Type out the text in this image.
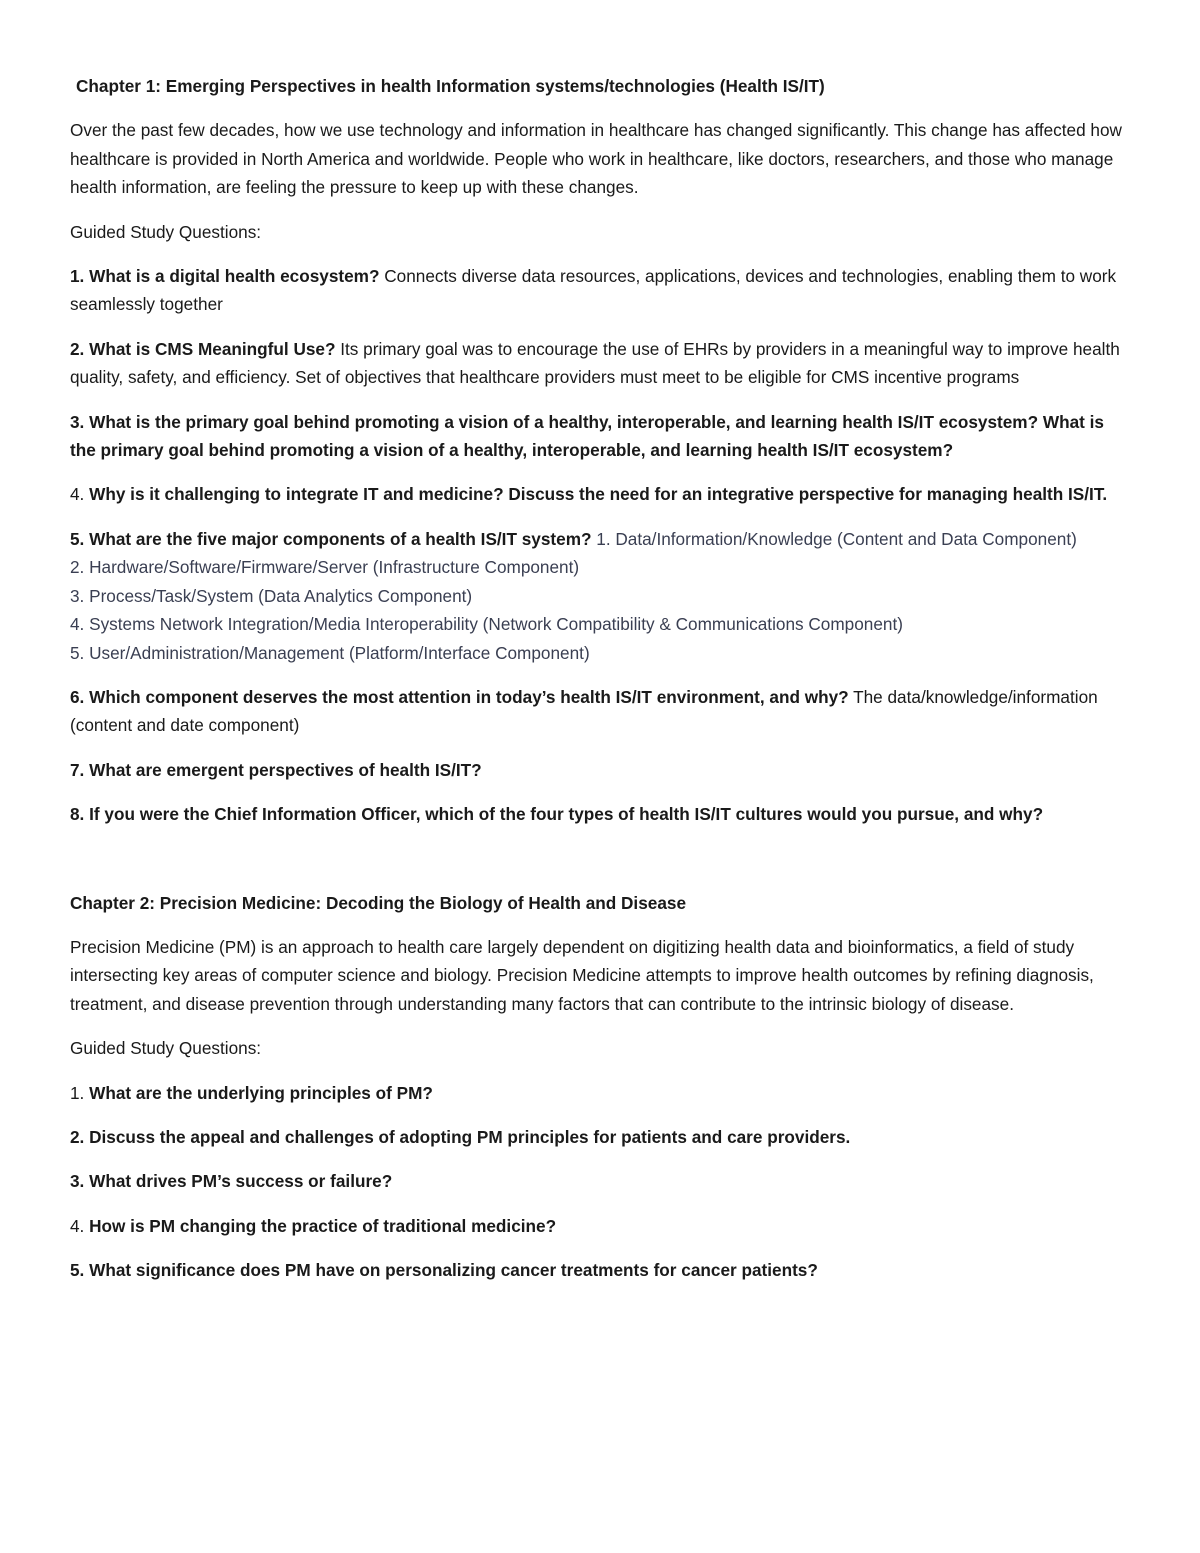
Chapter 1: Emerging Perspectives in health Information systems/technologies (Health IS/IT)

Over the past few decades, how we use technology and information in healthcare has changed significantly. This change has affected how healthcare is provided in North America and worldwide. People who work in healthcare, like doctors, researchers, and those who manage health information, are feeling the pressure to keep up with these changes.

Guided Study Questions:

1. What is a digital health ecosystem? Connects diverse data resources, applications, devices and technologies, enabling them to work seamlessly together

2. What is CMS Meaningful Use? Its primary goal was to encourage the use of EHRs by providers in a meaningful way to improve health quality, safety, and efficiency. Set of objectives that healthcare providers must meet to be eligible for CMS incentive programs

3. What is the primary goal behind promoting a vision of a healthy, interoperable, and learning health IS/IT ecosystem? What is the primary goal behind promoting a vision of a healthy, interoperable, and learning health IS/IT ecosystem?

4. Why is it challenging to integrate IT and medicine? Discuss the need for an integrative perspective for managing health IS/IT.

5. What are the five major components of a health IS/IT system? 1. Data/Information/Knowledge (Content and Data Component)
2. Hardware/Software/Firmware/Server (Infrastructure Component)
3. Process/Task/System (Data Analytics Component)
4. Systems Network Integration/Media Interoperability (Network Compatibility & Communications Component)
5. User/Administration/Management (Platform/Interface Component)

6. Which component deserves the most attention in today’s health IS/IT environment, and why? The data/knowledge/information (content and date component)

7. What are emergent perspectives of health IS/IT?

8. If you were the Chief Information Officer, which of the four types of health IS/IT cultures would you pursue, and why?

Chapter 2: Precision Medicine: Decoding the Biology of Health and Disease

Precision Medicine (PM) is an approach to health care largely dependent on digitizing health data and bioinformatics, a field of study intersecting key areas of computer science and biology. Precision Medicine attempts to improve health outcomes by refining diagnosis, treatment, and disease prevention through understanding many factors that can contribute to the intrinsic biology of disease.

Guided Study Questions:

1. What are the underlying principles of PM?

2. Discuss the appeal and challenges of adopting PM principles for patients and care providers.

3. What drives PM’s success or failure?

4. How is PM changing the practice of traditional medicine?

5. What significance does PM have on personalizing cancer treatments for cancer patients?
